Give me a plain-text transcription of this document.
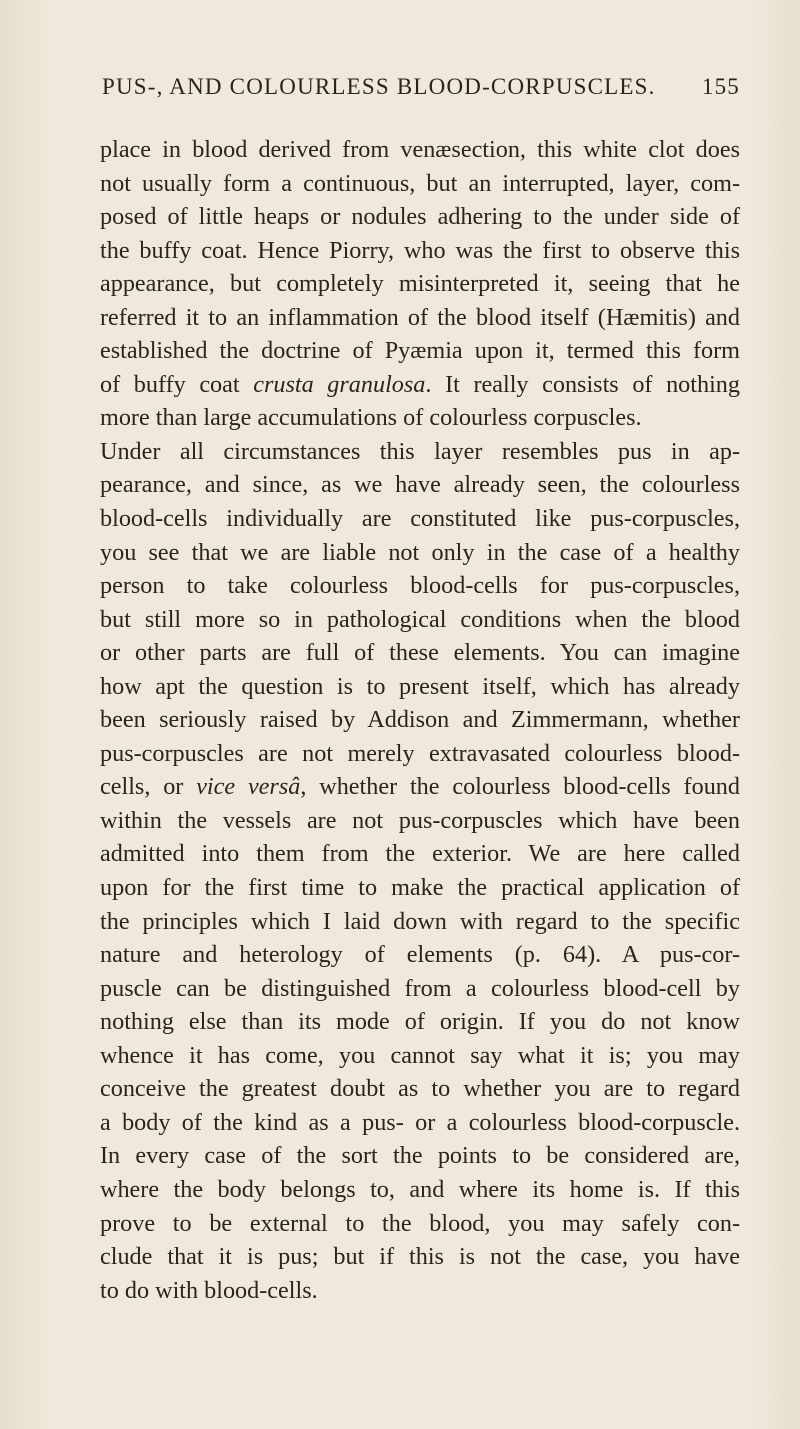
PUS-, AND COLOURLESS BLOOD-CORPUSCLES. 155
place in blood derived from venæsection, this white clot does
not usually form a continuous, but an interrupted, layer, com-
posed of little heaps or nodules adhering to the under side of
the buffy coat. Hence Piorry, who was the first to observe this
appearance, but completely misinterpreted it, seeing that he
referred it to an inflammation of the blood itself (Hæmitis) and
established the doctrine of Pyæmia upon it, termed this form
of buffy coat crusta granulosa. It really consists of nothing
more than large accumulations of colourless corpuscles.
Under all circumstances this layer resembles pus in ap-
pearance, and since, as we have already seen, the colourless
blood-cells individually are constituted like pus-corpuscles,
you see that we are liable not only in the case of a healthy
person to take colourless blood-cells for pus-corpuscles,
but still more so in pathological conditions when the blood
or other parts are full of these elements. You can imagine
how apt the question is to present itself, which has already
been seriously raised by Addison and Zimmermann, whether
pus-corpuscles are not merely extravasated colourless blood-
cells, or vice versâ, whether the colourless blood-cells found
within the vessels are not pus-corpuscles which have been
admitted into them from the exterior. We are here called
upon for the first time to make the practical application of
the principles which I laid down with regard to the specific
nature and heterology of elements (p. 64). A pus-cor-
puscle can be distinguished from a colourless blood-cell by
nothing else than its mode of origin. If you do not know
whence it has come, you cannot say what it is; you may
conceive the greatest doubt as to whether you are to regard
a body of the kind as a pus- or a colourless blood-corpuscle.
In every case of the sort the points to be considered are,
where the body belongs to, and where its home is. If this
prove to be external to the blood, you may safely con-
clude that it is pus; but if this is not the case, you have
to do with blood-cells.
